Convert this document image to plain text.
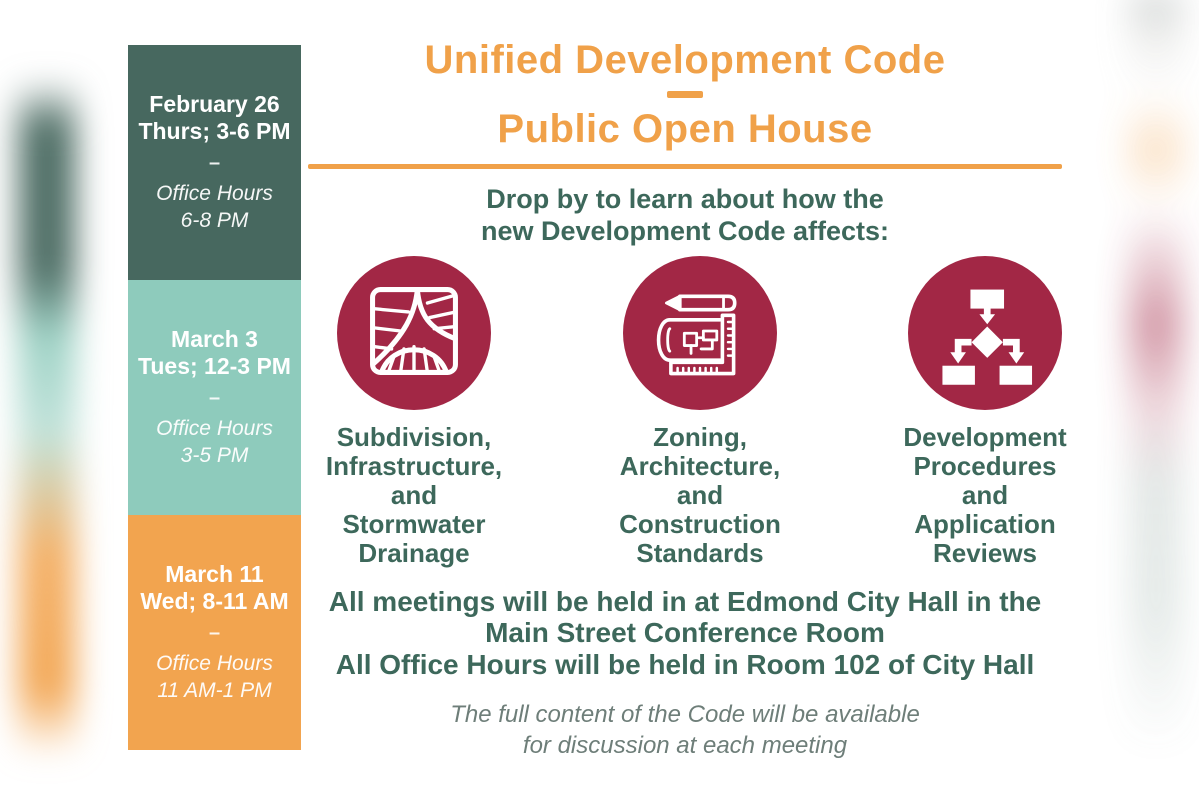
February 26
Thurs; 3-6 PM
–
Office Hours
6-8 PM
March 3
Tues; 12-3 PM
–
Office Hours
3-5 PM
March 11
Wed; 8-11 AM
–
Office Hours
11 AM-1 PM
Unified Development Code
Public Open House
Drop by to learn about how the
new Development Code affects:
Subdivision,
Infrastructure,
and
Stormwater
Drainage
Zoning,
Architecture,
and
Construction
Standards
Development
Procedures
and
Application
Reviews
All meetings will be held in at Edmond City Hall in the
Main Street Conference Room
All Office Hours will be held in Room 102 of City Hall
The full content of the Code will be available
for discussion at each meeting
